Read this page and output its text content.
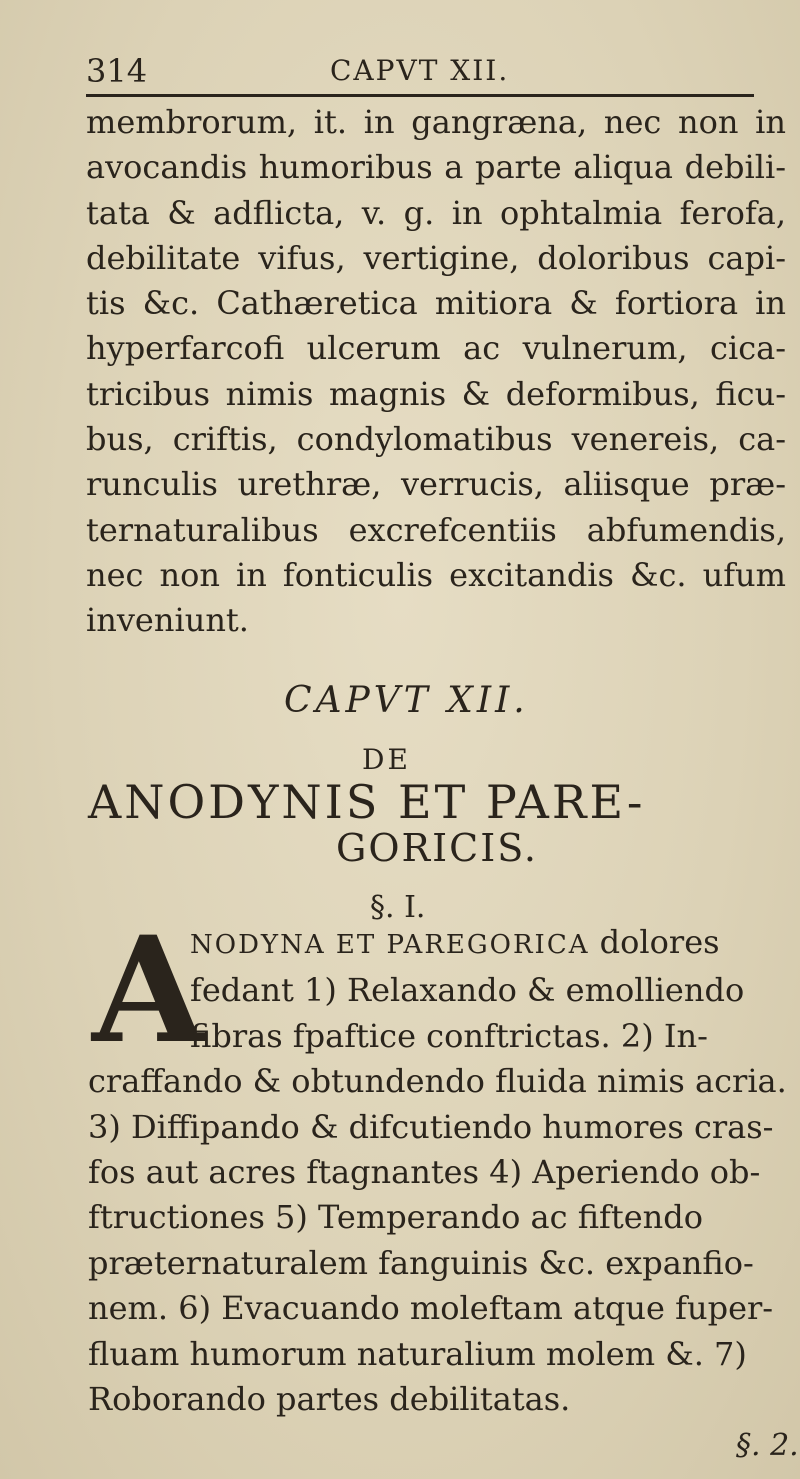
314	CAPVT XII.
membrorum, it. in gangræna, nec non in
avocandis humoribus a parte aliqua debili-
tata & adflicta, v. g. in ophtalmia ferofa,
debilitate vifus, vertigine, doloribus capi-
tis &c. Cathæretica mitiora & fortiora in
hyperfarcofi ulcerum ac vulnerum, cica-
tricibus nimis magnis & deformibus, ficu-
bus, criftis, condylomatibus venereis, ca-
runculis urethræ, verrucis, aliisque præ-
ternaturalibus excrefcentiis abfumendis,
nec non in fonticulis excitandis &c. ufum
inveniunt.
CAPVT XII.
DE
ANODYNIS ET PARE-
GORICIS.
§. I.
A
NODYNA ET PAREGORICA dolores
fedant 1) Relaxando & emolliendo
fibras fpaftice conftrictas. 2) In-
craffando & obtundendo fluida nimis acria.
3) Diffipando & difcutiendo humores cras-
fos aut acres ftagnantes 4) Aperiendo ob-
ftructiones 5) Temperando ac fiftendo
præternaturalem fanguinis &c. expanfio-
nem. 6) Evacuando moleftam atque fuper-
fluam humorum naturalium molem &. 7)
Roborando partes debilitatas.
§. 2.
